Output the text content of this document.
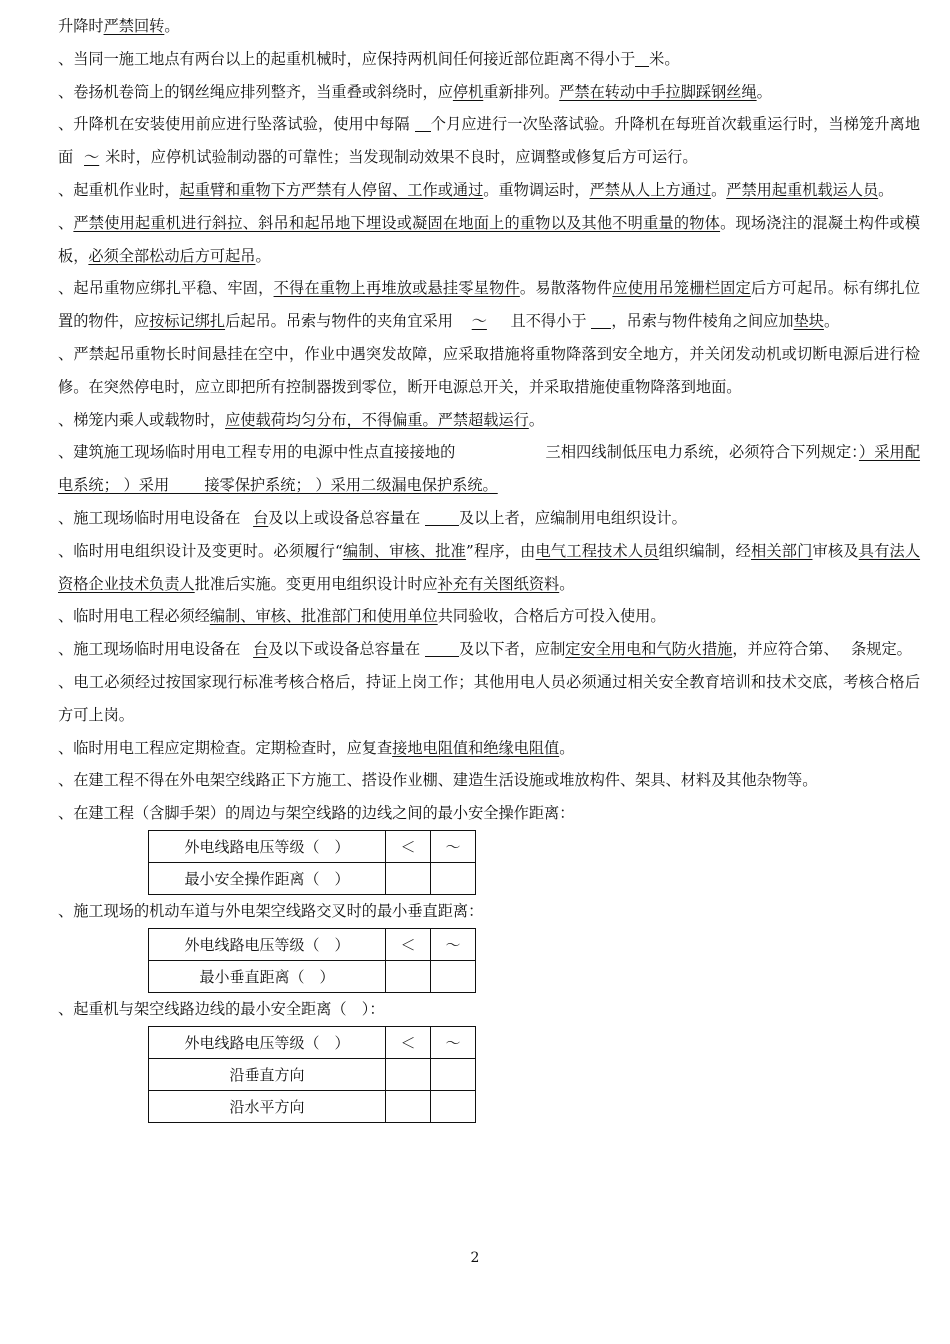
升降时严禁回转。

、当同一施工地点有两台以上的起重机械时，应保持两机间任何接近部位距离不得小于 米。

、卷扬机卷筒上的钢丝绳应排列整齐，当重叠或斜绕时，应停机重新排列。严禁在转动中手拉脚踩钢丝绳。

、升降机在安装使用前应进行坠落试验，使用中每隔 个月应进行一次坠落试验。升降机在每班首次载重运行时，当梯笼升离地面 ～ 米时，应停机试验制动器的可靠性；当发现制动效果不良时，应调整或修复后方可运行。

、起重机作业时，起重臂和重物下方严禁有人停留、工作或通过。重物调运时，严禁从人上方通过。严禁用起重机载运人员。

、严禁使用起重机进行斜拉、斜吊和起吊地下埋设或凝固在地面上的重物以及其他不明重量的物体。现场浇注的混凝土构件或模板，必须全部松动后方可起吊。

、起吊重物应绑扎平稳、牢固，不得在重物上再堆放或悬挂零星物件。易散落物件应使用吊笼栅栏固定后方可起吊。标有绑扎位置的物件，应按标记绑扎后起吊。吊索与物件的夹角宜采用 ～ 且不得小于 ，吊索与物件棱角之间应加垫块。

、严禁起吊重物长时间悬挂在空中，作业中遇突发故障，应采取措施将重物降落到安全地方，并关闭发动机或切断电源后进行检修。在突然停电时，应立即把所有控制器拨到零位，断开电源总开关，并采取措施使重物降落到地面。

、梯笼内乘人或载物时，应使载荷均匀分布，不得偏重。严禁超载运行。

、建筑施工现场临时用电工程专用的电源中性点直接接地的	三相四线制低压电力系统，必须符合下列规定：）采用配电系统； ）采用　　 接零保护系统； ）采用二级漏电保护系统。

、施工现场临时用电设备在 台及以上或设备总容量在	及以上者，应编制用电组织设计。

、临时用电组织设计及变更时。必须履行“编制、审核、批准”程序，由电气工程技术人员组织编制，经相关部门审核及具有法人资格企业技术负责人批准后实施。变更用电组织设计时应补充有关图纸资料。

、临时用电工程必须经编制、审核、批准部门和使用单位共同验收，合格后方可投入使用。

、施工现场临时用电设备在 台及以下或设备总容量在	及以下者，应制定安全用电和气防火措施，并应符合第、　 条规定。

、电工必须经过按国家现行标准考核合格后，持证上岗工作；其他用电人员必须通过相关安全教育培训和技术交底，考核合格后方可上岗。

、临时用电工程应定期检查。定期检查时，应复查接地电阻值和绝缘电阻值。

、在建工程不得在外电架空线路正下方施工、搭设作业棚、建造生活设施或堆放构件、架具、材料及其他杂物等。

、在建工程（含脚手架）的周边与架空线路的边线之间的最小安全操作距离：

外电线路电压等级（　）	＜	～
最小安全操作距离（　）		

、施工现场的机动车道与外电架空线路交叉时的最小垂直距离：

外电线路电压等级（　）	＜	～
最小垂直距离（　）		

、起重机与架空线路边线的最小安全距离（　）：

外电线路电压等级（　）	＜	～
沿垂直方向		
沿水平方向		
2
